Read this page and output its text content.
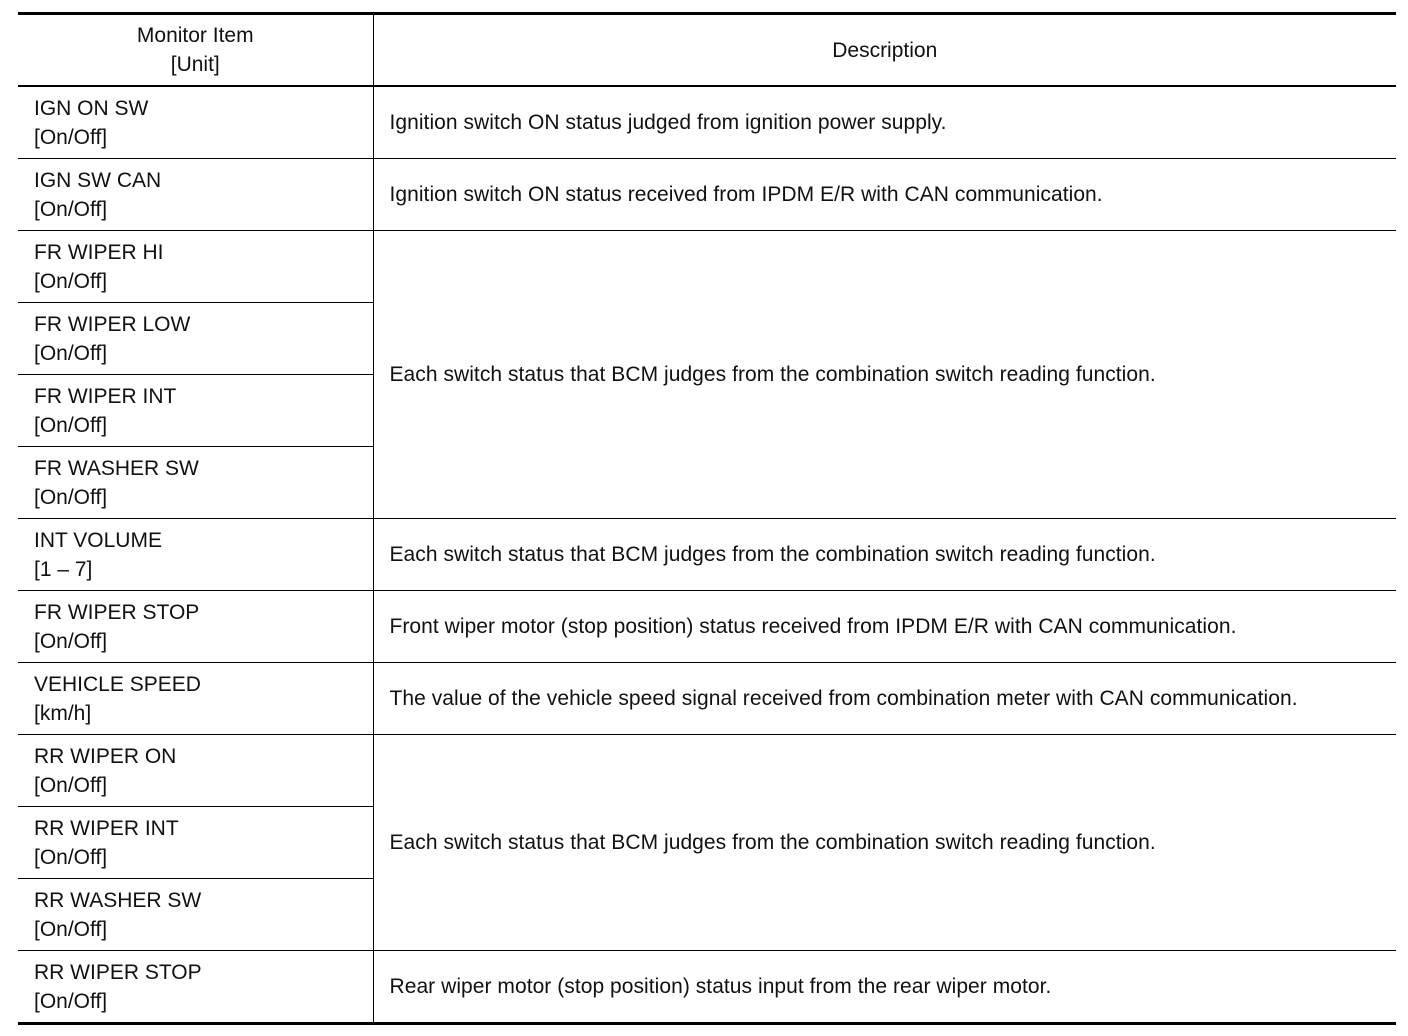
Monitor Item
[Unit]	Description

IGN ON SW
[On/Off]	Ignition switch ON status judged from ignition power supply.

IGN SW CAN
[On/Off]	Ignition switch ON status received from IPDM E/R with CAN communication.

FR WIPER HI
[On/Off]	Each switch status that BCM judges from the combination switch reading function.

FR WIPER LOW
[On/Off]	

FR WIPER INT
[On/Off]	

FR WASHER SW
[On/Off]	

INT VOLUME
[1 – 7]	Each switch status that BCM judges from the combination switch reading function.

FR WIPER STOP
[On/Off]	Front wiper motor (stop position) status received from IPDM E/R with CAN communication.

VEHICLE SPEED
[km/h]	The value of the vehicle speed signal received from combination meter with CAN communication.

RR WIPER ON
[On/Off]	Each switch status that BCM judges from the combination switch reading function.

RR WIPER INT
[On/Off]	

RR WASHER SW
[On/Off]	

RR WIPER STOP
[On/Off]	Rear wiper motor (stop position) status input from the rear wiper motor.
